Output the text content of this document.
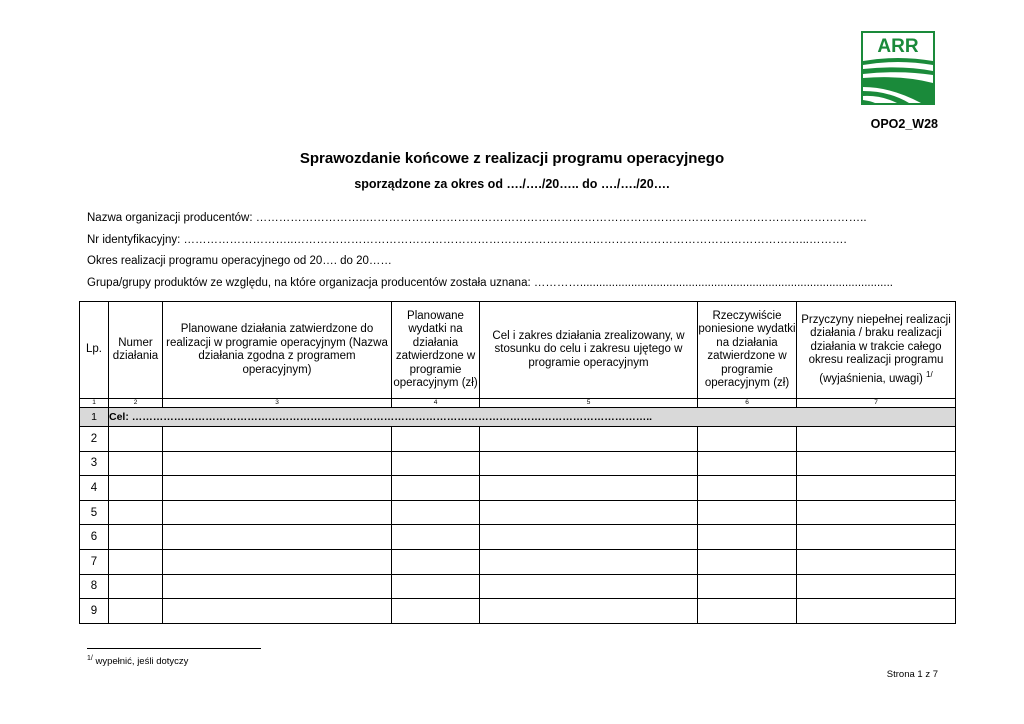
ARR
OPO2_W28
Sprawozdanie końcowe z realizacji programu operacyjnego
sporządzone za okres od …./…./20….. do …./…./20….
Nazwa organizacji producentów: ………………………..…………………………………………………………………………………………………………………..
Nr identyfikacyjny: ………………………..……………………………………………………………………………………………………………………...……….
Okres realizacji programu operacyjnego od 20…. do 20……
Grupa/grupy produktów ze względu, na które organizacja producentów została uznana: …………..................................................................................................
Lp.	Numer działania	Planowane działania zatwierdzone do realizacji w programie operacyjnym (Nazwa działania zgodna z programem operacyjnym)	Planowane wydatki na działania zatwierdzone w programie operacyjnym (zł)	Cel i zakres działania zrealizowany, w stosunku do celu i zakresu ujętego w programie operacyjnym	Rzeczywiście poniesione wydatki na działania zatwierdzone w programie operacyjnym (zł)	Przyczyny niepełnej realizacji działania / braku realizacji działania w trakcie całego okresu realizacji programu (wyjaśnienia, uwagi) $^{1/}$
1	2	3	4	5	6	7
1	Cel: …………………………………………………………………………………………………………………………………..					
2						
3						
4						
5						
6						
7						
8						
9						
$^{1/}$ wypełnić, jeśli dotyczy
Strona 1 z 7
